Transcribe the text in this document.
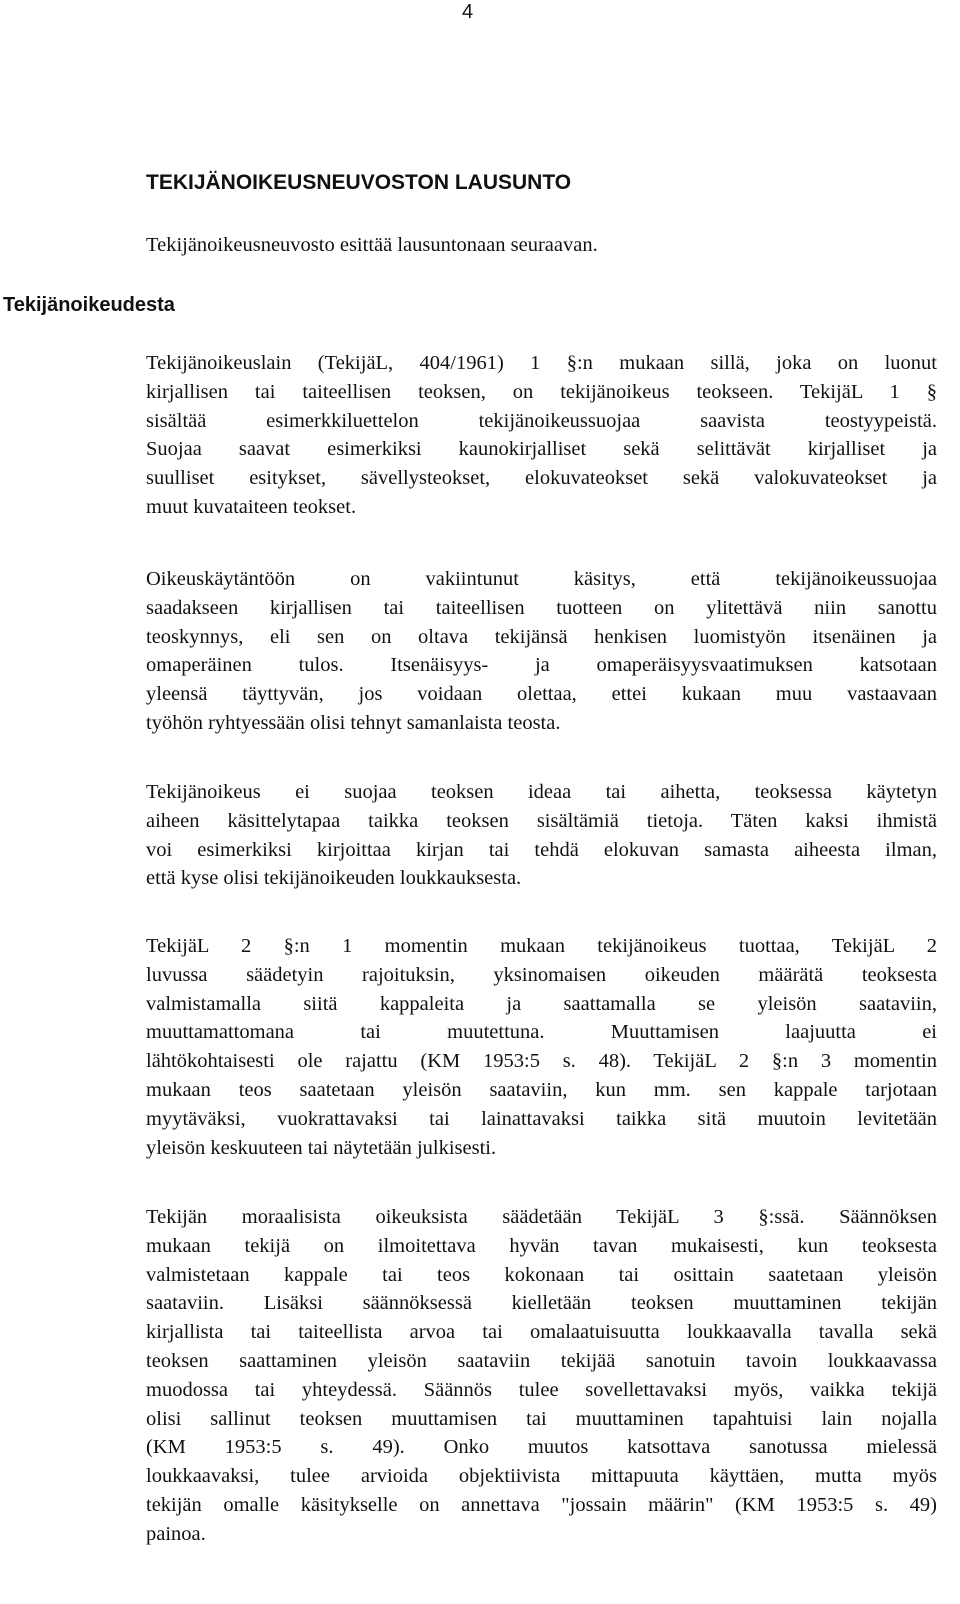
4
TEKIJÄNOIKEUSNEUVOSTON LAUSUNTO
Tekijänoikeusneuvosto esittää lausuntonaan seuraavan.
Tekijänoikeudesta

Tekijänoikeuslain (TekijäL, 404/1961) 1 §:n mukaan sillä, joka on luonut
kirjallisen tai taiteellisen teoksen, on tekijänoikeus teokseen. TekijäL 1 §
sisältää esimerkkiluettelon tekijänoikeussuojaa saavista teostyypeistä.
Suojaa saavat esimerkiksi kaunokirjalliset sekä selittävät kirjalliset ja
suulliset esitykset, sävellysteokset, elokuvateokset sekä valokuvateokset ja
muut kuvataiteen teokset.

Oikeuskäytäntöön on vakiintunut käsitys, että tekijänoikeussuojaa
saadakseen kirjallisen tai taiteellisen tuotteen on ylitettävä niin sanottu
teoskynnys, eli sen on oltava tekijänsä henkisen luomistyön itsenäinen ja
omaperäinen tulos. Itsenäisyys- ja omaperäisyysvaatimuksen katsotaan
yleensä täyttyvän, jos voidaan olettaa, ettei kukaan muu vastaavaan
työhön ryhtyessään olisi tehnyt samanlaista teosta.

Tekijänoikeus ei suojaa teoksen ideaa tai aihetta, teoksessa käytetyn
aiheen käsittelytapaa taikka teoksen sisältämiä tietoja. Täten kaksi ihmistä
voi esimerkiksi kirjoittaa kirjan tai tehdä elokuvan samasta aiheesta ilman,
että kyse olisi tekijänoikeuden loukkauksesta.

TekijäL 2 §:n 1 momentin mukaan tekijänoikeus tuottaa, TekijäL 2
luvussa säädetyin rajoituksin, yksinomaisen oikeuden määrätä teoksesta
valmistamalla siitä kappaleita ja saattamalla se yleisön saataviin,
muuttamattomana tai muutettuna. Muuttamisen laajuutta ei
lähtökohtaisesti ole rajattu (KM 1953:5 s. 48). TekijäL 2 §:n 3 momentin
mukaan teos saatetaan yleisön saataviin, kun mm. sen kappale tarjotaan
myytäväksi, vuokrattavaksi tai lainattavaksi taikka sitä muutoin levitetään
yleisön keskuuteen tai näytetään julkisesti.

Tekijän moraalisista oikeuksista säädetään TekijäL 3 §:ssä. Säännöksen
mukaan tekijä on ilmoitettava hyvän tavan mukaisesti, kun teoksesta
valmistetaan kappale tai teos kokonaan tai osittain saatetaan yleisön
saataviin. Lisäksi säännöksessä kielletään teoksen muuttaminen tekijän
kirjallista tai taiteellista arvoa tai omalaatuisuutta loukkaavalla tavalla sekä
teoksen saattaminen yleisön saataviin tekijää sanotuin tavoin loukkaavassa
muodossa tai yhteydessä. Säännös tulee sovellettavaksi myös, vaikka tekijä
olisi sallinut teoksen muuttamisen tai muuttaminen tapahtuisi lain nojalla
(KM 1953:5 s. 49). Onko muutos katsottava sanotussa mielessä
loukkaavaksi, tulee arvioida objektiivista mittapuuta käyttäen, mutta myös
tekijän omalle käsitykselle on annettava "jossain määrin" (KM 1953:5 s. 49)
painoa.
